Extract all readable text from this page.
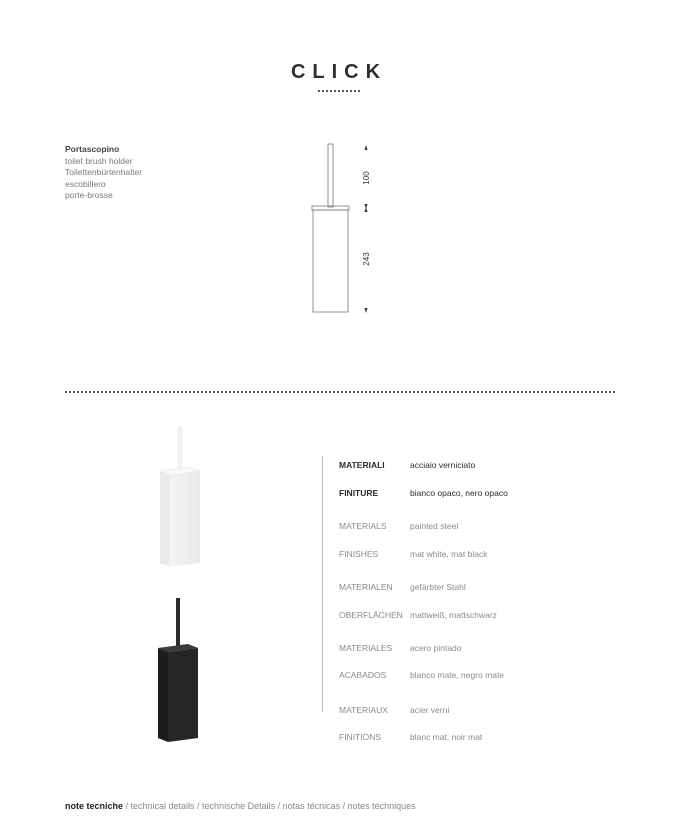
CLICK
Portascopino
toilet brush holder
Toilettenbürtenhalter
escobillero
porte-brosse
100
243
MATERIALI	acciaio verniciato
FINITURE	bianco opaco, nero opaco
MATERIALS	painted steel
FINISHES	mat white, mat black
MATERIALEN gefärbter Stahl
OBERFLÄCHEN mattweiß, mattschwarz
MATERIALES acero pintado
ACABADOS	blanco mate, negro mate
MATERIAUX	acier verni
FINITIONS	blanc mat, noir mat
note tecniche / technical details / technische Details / notas técnicas / notes techniques
